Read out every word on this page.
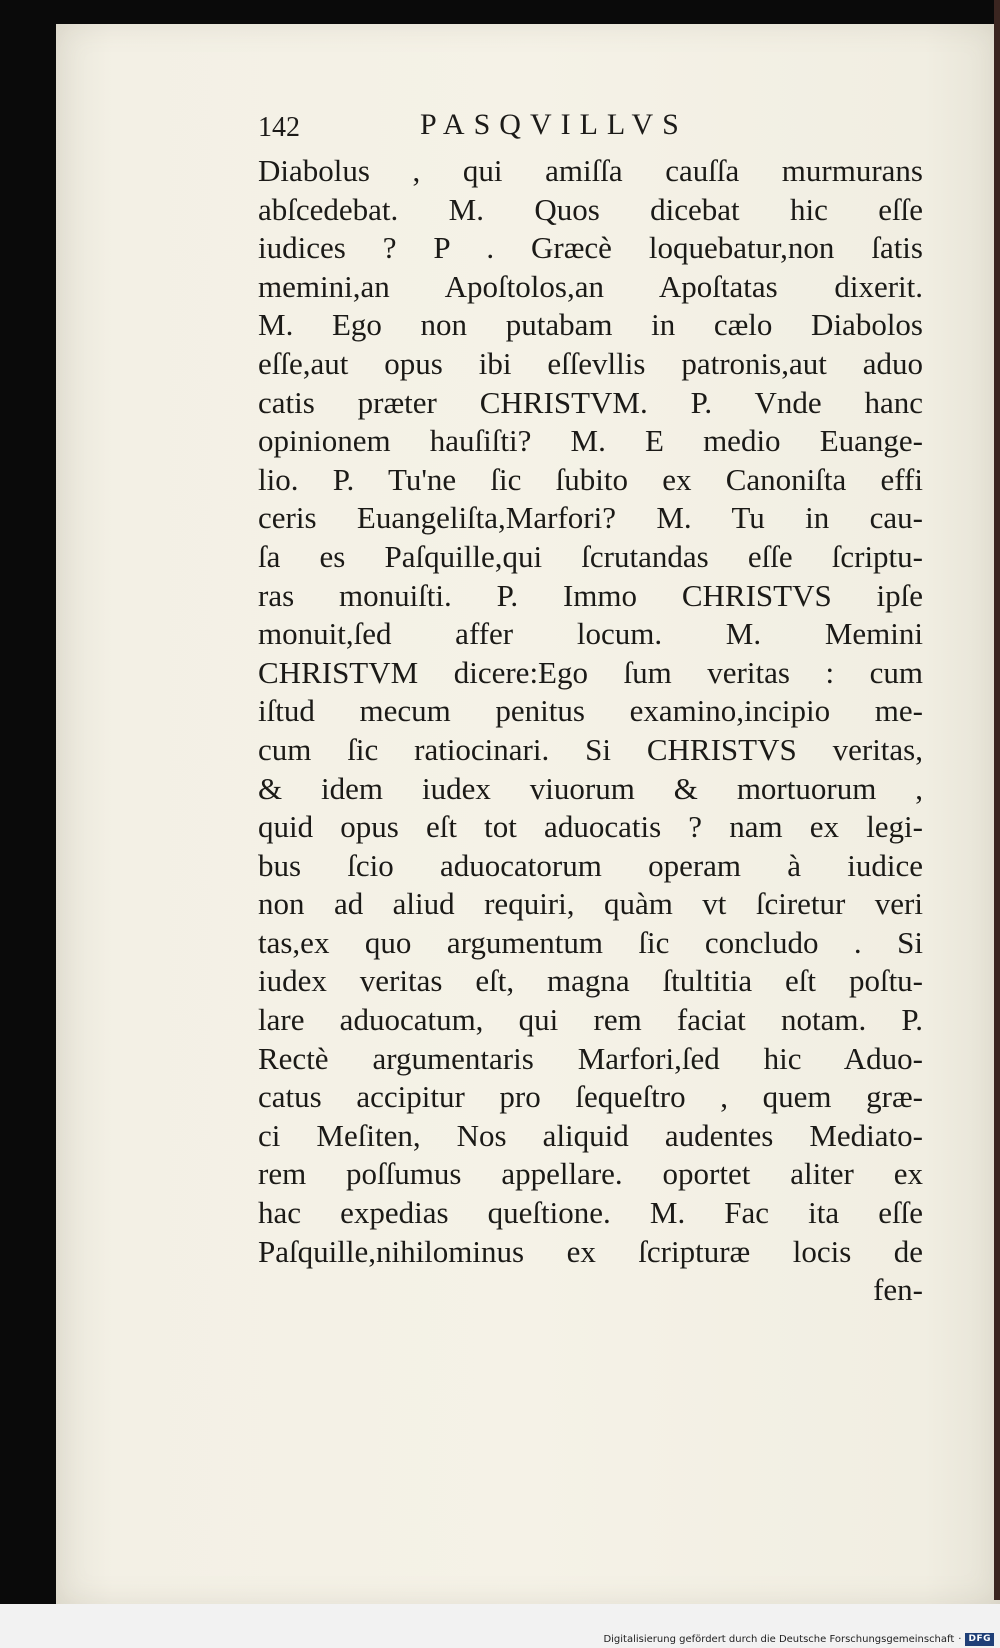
142	PASQVILLVS
Diabolus , qui amiſſa cauſſa murmurans
abſcedebat. M. Quos dicebat hic eſſe
iudices ? P . Græcè loquebatur,non ſatis
memini,an Apoſtolos,an Apoſtatas dixerit.
M. Ego non putabam in cælo Diabolos
eſſe,aut opus ibi eſſevllis patronis,aut aduo
catis præter CHRISTVM. P. Vnde hanc
opinionem hauſiſti? M. E medio Euange-
lio. P. Tu'ne ſic ſubito ex Canoniſta effi
ceris Euangeliſta,Marfori? M. Tu in cau-
ſa es Paſquille,qui ſcrutandas eſſe ſcriptu-
ras monuiſti. P. Immo CHRISTVS ipſe
monuit,ſed affer locum. M. Memini
CHRISTVM dicere:Ego ſum veritas : cum
iſtud mecum penitus examino,incipio me-
cum ſic ratiocinari. Si CHRISTVS veritas,
& idem iudex viuorum & mortuorum ,
quid opus eſt tot aduocatis ? nam ex legi-
bus ſcio aduocatorum operam à iudice
non ad aliud requiri, quàm vt ſciretur veri
tas,ex quo argumentum ſic concludo . Si
iudex veritas eſt, magna ſtultitia eſt poſtu-
lare aduocatum, qui rem faciat notam. P.
Rectè argumentaris Marfori,ſed hic Aduo-
catus accipitur pro ſequeſtro , quem græ-
ci Meſiten, Nos aliquid audentes Mediato-
rem poſſumus appellare. oportet aliter ex
hac expedias queſtione. M. Fac ita eſſe
Paſquille,nihilominus ex ſcripturæ locis de
fen-
Digitalisierung gefördert durch die Deutsche Forschungsgemeinschaft · DFG
